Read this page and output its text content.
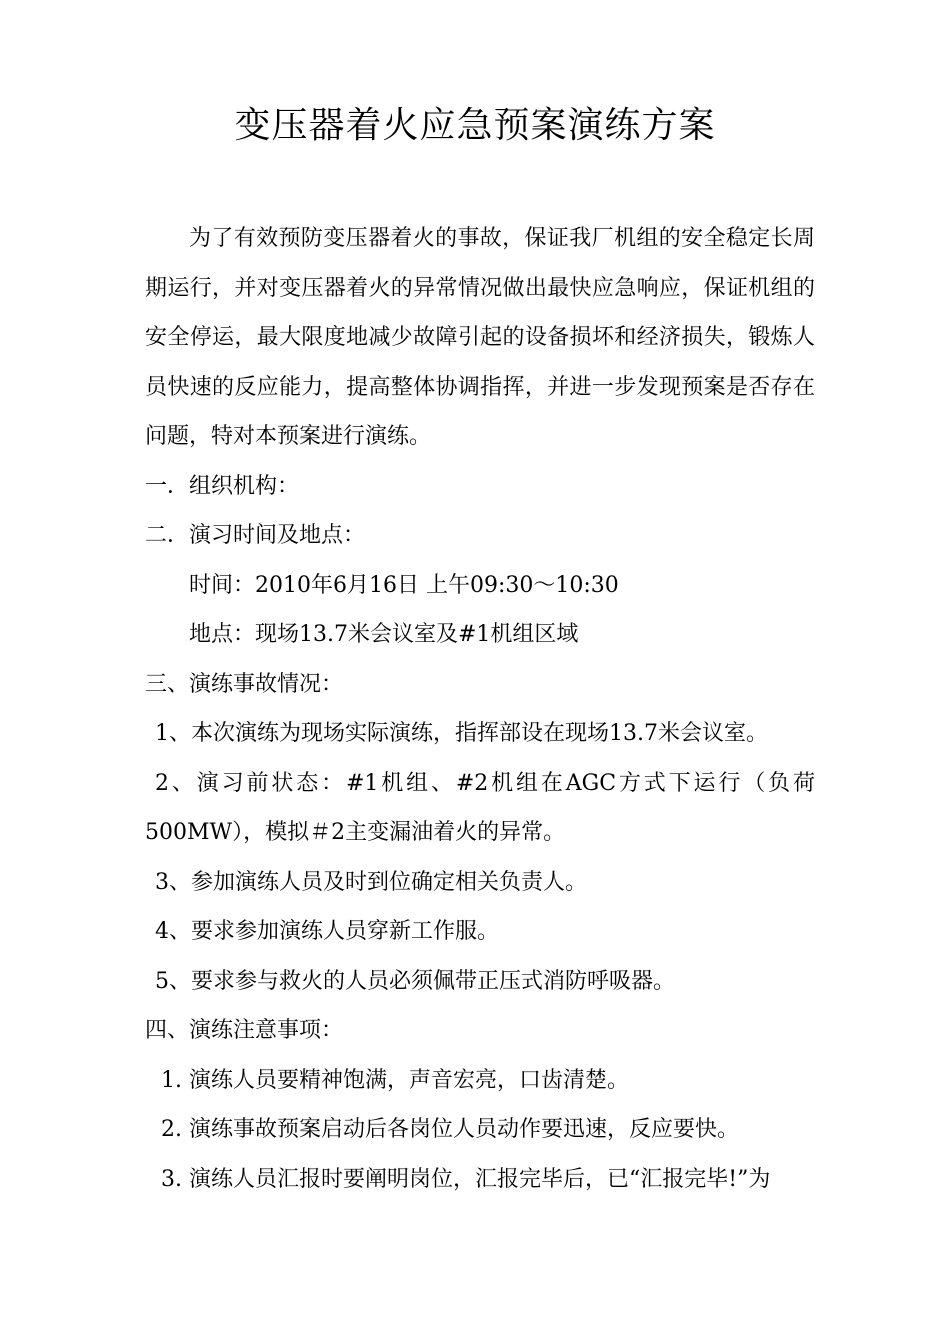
变压器着火应急预案演练方案

为了有效预防变压器着火的事故，保证我厂机组的安全稳定长周期运行，并对变压器着火的异常情况做出最快应急响应，保证机组的安全停运，最大限度地减少故障引起的设备损坏和经济损失，锻炼人员快速的反应能力，提高整体协调指挥，并进一步发现预案是否存在问题，特对本预案进行演练。

一．组织机构：

二．演习时间及地点：

时间：2010年6月16日 上午09:30～10:30

地点：现场13.7米会议室及#1机组区域

三、演练事故情况：

1、本次演练为现场实际演练，指挥部设在现场13.7米会议室。

2、演习前状态：#1机组、#2机组在AGC方式下运行（负荷500MW），模拟＃2主变漏油着火的异常。

3、参加演练人员及时到位确定相关负责人。

4、要求参加演练人员穿新工作服。

5、要求参与救火的人员必须佩带正压式消防呼吸器。

四、演练注意事项：

1. 演练人员要精神饱满，声音宏亮，口齿清楚。

2. 演练事故预案启动后各岗位人员动作要迅速，反应要快。

3. 演练人员汇报时要阐明岗位，汇报完毕后，已“汇报完毕!”为
